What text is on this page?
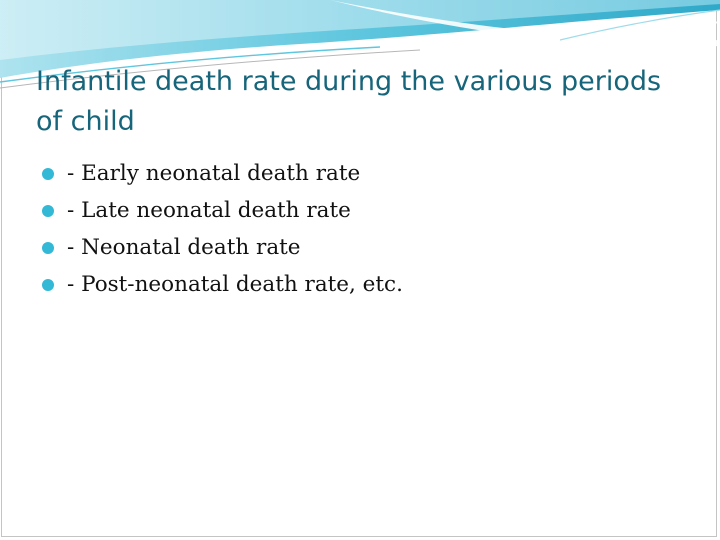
Infantile death rate during the various periods of child
- Early neonatal death rate
- Late neonatal death rate
- Neonatal death rate
- Post-neonatal death rate, etc.
